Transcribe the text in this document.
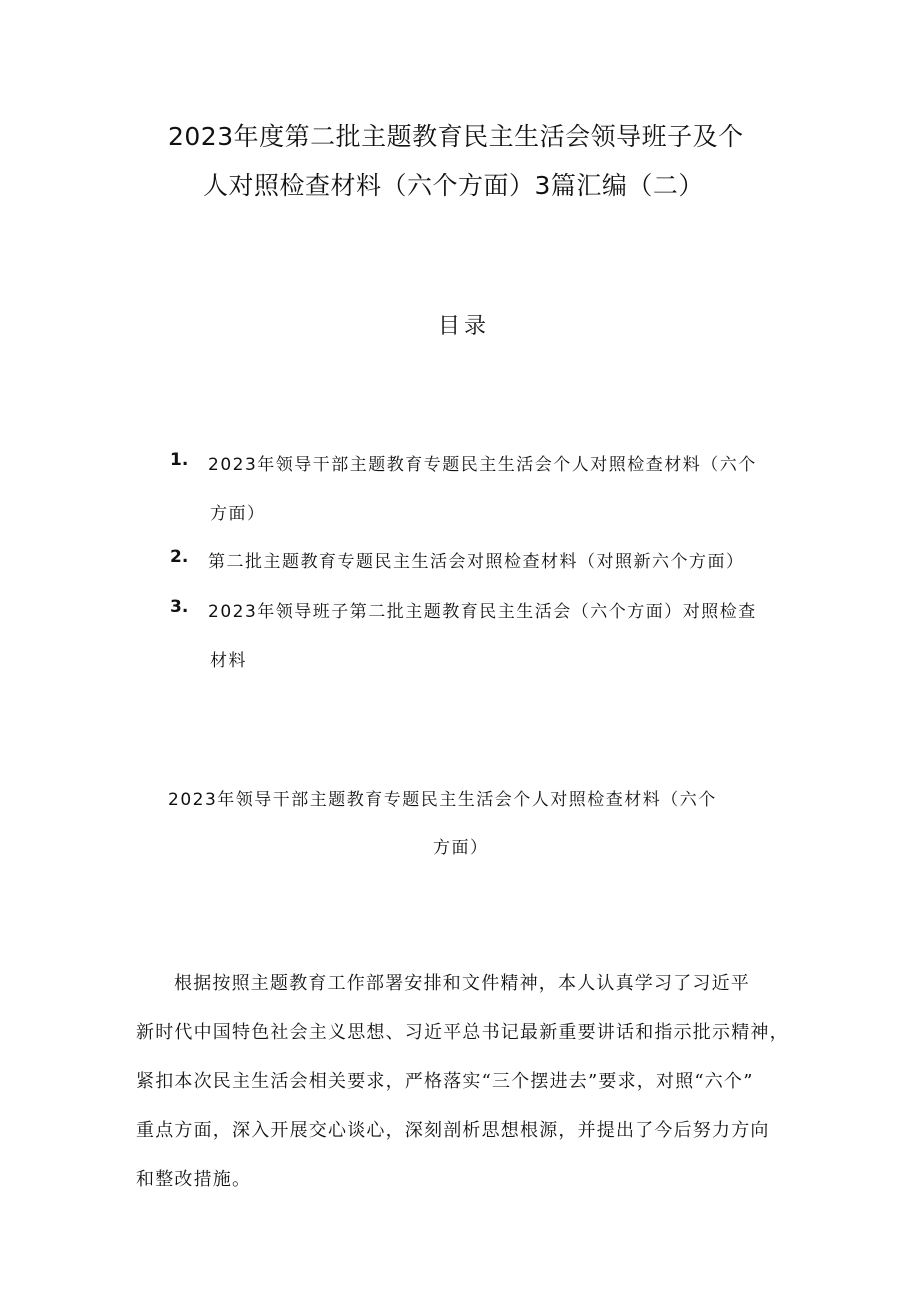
2023年度第二批主题教育民主生活会领导班子及个
人对照检查材料（六个方面）3篇汇编（二）
目录
1. 2023年领导干部主题教育专题民主生活会个人对照检查材料（六个
方面）
2. 第二批主题教育专题民主生活会对照检查材料（对照新六个方面）
3. 2023年领导班子第二批主题教育民主生活会（六个方面）对照检查
材料
2023年领导干部主题教育专题民主生活会个人对照检查材料（六个
方面）
根据按照主题教育工作部署安排和文件精神，本人认真学习了习近平
新时代中国特色社会主义思想、习近平总书记最新重要讲话和指示批示精神，
紧扣本次民主生活会相关要求，严格落实“三个摆进去”要求，对照“六个”
重点方面，深入开展交心谈心，深刻剖析思想根源，并提出了今后努力方向
和整改措施。
